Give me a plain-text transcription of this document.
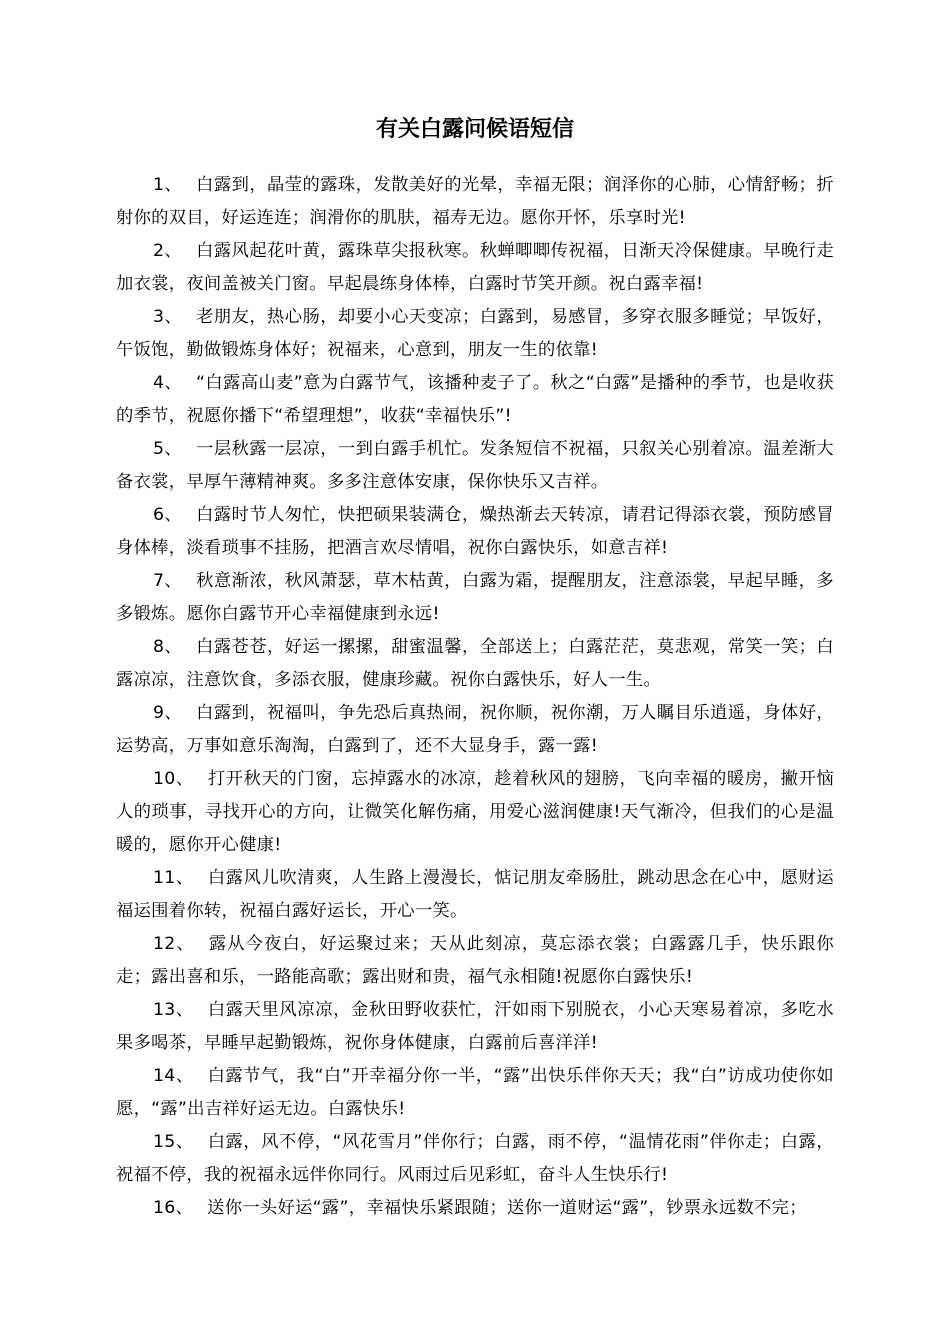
有关白露问候语短信

1、 白露到，晶莹的露珠，发散美好的光晕，幸福无限；润泽你的心肺，心情舒畅；折射你的双目，好运连连；润滑你的肌肤，福寿无边。愿你开怀，乐享时光!

2、 白露风起花叶黄，露珠草尖报秋寒。秋蝉唧唧传祝福，日渐天冷保健康。早晚行走加衣裳，夜间盖被关门窗。早起晨练身体棒，白露时节笑开颜。祝白露幸福!

3、 老朋友，热心肠，却要小心天变凉；白露到，易感冒，多穿衣服多睡觉；早饭好，午饭饱，勤做锻炼身体好；祝福来，心意到，朋友一生的依靠!

4、 “白露高山麦”意为白露节气，该播种麦子了。秋之“白露”是播种的季节，也是收获的季节，祝愿你播下“希望理想”，收获“幸福快乐”!

5、 一层秋露一层凉，一到白露手机忙。发条短信不祝福，只叙关心别着凉。温差渐大备衣裳，早厚午薄精神爽。多多注意体安康，保你快乐又吉祥。

6、 白露时节人匆忙，快把硕果装满仓，燥热渐去天转凉，请君记得添衣裳，预防感冒身体棒，淡看琐事不挂肠，把酒言欢尽情唱，祝你白露快乐，如意吉祥!

7、 秋意渐浓，秋风萧瑟，草木枯黄，白露为霜，提醒朋友，注意添裳，早起早睡，多多锻炼。愿你白露节开心幸福健康到永远!

8、 白露苍苍，好运一摞摞，甜蜜温馨，全部送上；白露茫茫，莫悲观，常笑一笑；白露凉凉，注意饮食，多添衣服，健康珍藏。祝你白露快乐，好人一生。

9、 白露到，祝福叫，争先恐后真热闹，祝你顺，祝你潮，万人瞩目乐逍遥，身体好，运势高，万事如意乐淘淘，白露到了，还不大显身手，露一露!

10、 打开秋天的门窗，忘掉露水的冰凉，趁着秋风的翅膀，飞向幸福的暖房，撇开恼人的琐事，寻找开心的方向，让微笑化解伤痛，用爱心滋润健康!天气渐冷，但我们的心是温暖的，愿你开心健康!

11、 白露风儿吹清爽，人生路上漫漫长，惦记朋友牵肠肚，跳动思念在心中，愿财运福运围着你转，祝福白露好运长，开心一笑。

12、 露从今夜白，好运聚过来；天从此刻凉，莫忘添衣裳；白露露几手，快乐跟你走；露出喜和乐，一路能高歌；露出财和贵，福气永相随!祝愿你白露快乐!

13、 白露天里风凉凉，金秋田野收获忙，汗如雨下别脱衣，小心天寒易着凉，多吃水果多喝茶，早睡早起勤锻炼，祝你身体健康，白露前后喜洋洋!

14、 白露节气，我“白”开幸福分你一半，“露”出快乐伴你天天；我“白”访成功使你如愿，“露”出吉祥好运无边。白露快乐!

15、 白露，风不停，“风花雪月”伴你行；白露，雨不停，“温情花雨”伴你走；白露，祝福不停，我的祝福永远伴你同行。风雨过后见彩虹，奋斗人生快乐行!

16、 送你一头好运“露”，幸福快乐紧跟随；送你一道财运“露”，钞票永远数不完；
